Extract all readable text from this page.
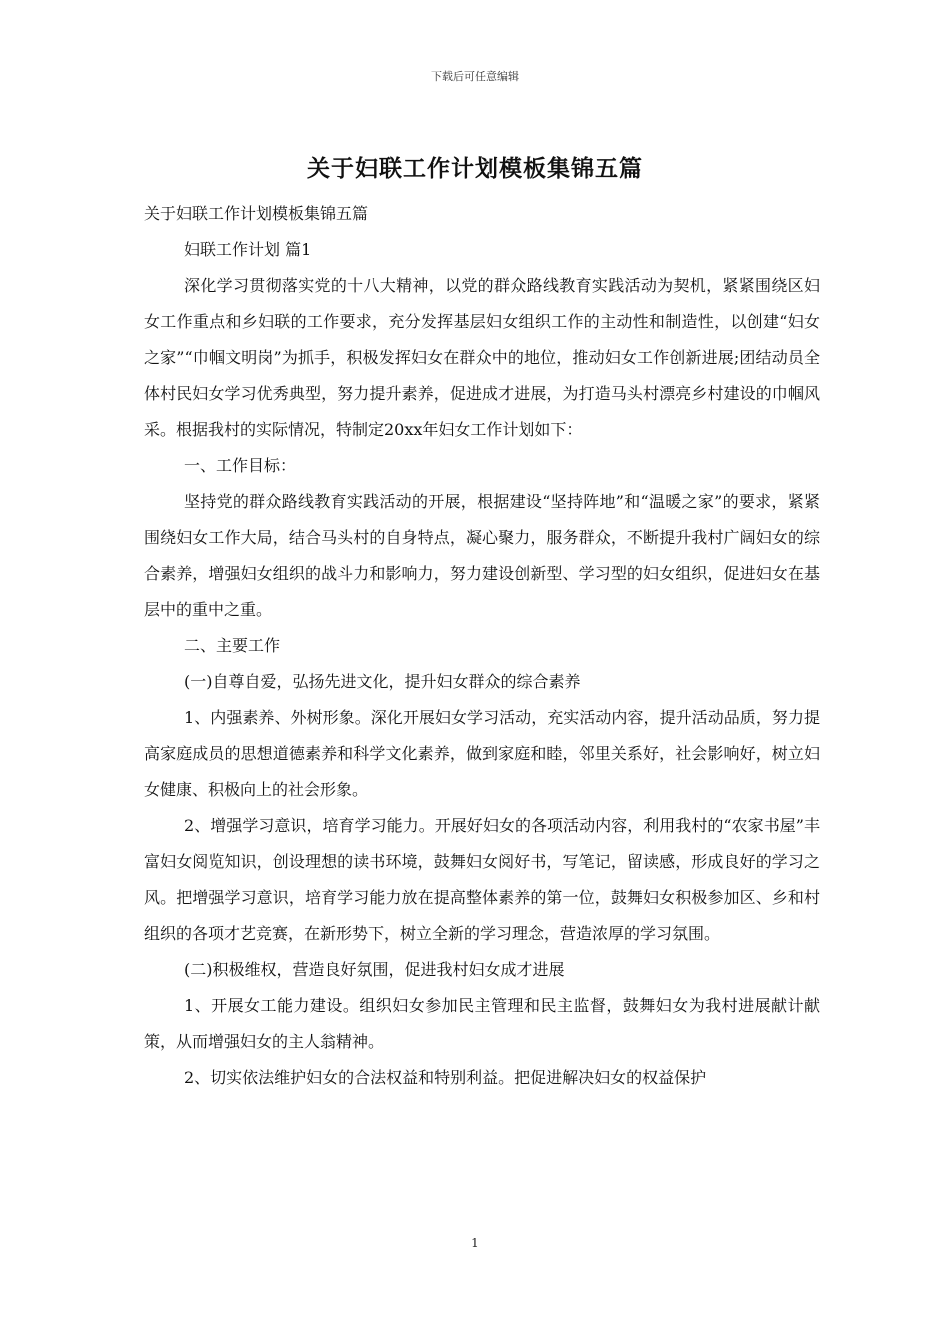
下载后可任意编辑
关于妇联工作计划模板集锦五篇

关于妇联工作计划模板集锦五篇

妇联工作计划 篇1

深化学习贯彻落实党的十八大精神，以党的群众路线教育实践活动为契机，紧紧围绕区妇女工作重点和乡妇联的工作要求，充分发挥基层妇女组织工作的主动性和制造性，以创建“妇女之家”“巾帼文明岗”为抓手，积极发挥妇女在群众中的地位，推动妇女工作创新进展;团结动员全体村民妇女学习优秀典型，努力提升素养，促进成才进展，为打造马头村漂亮乡村建设的巾帼风采。根据我村的实际情况，特制定20xx年妇女工作计划如下：

一、工作目标：

坚持党的群众路线教育实践活动的开展，根据建设“坚持阵地”和“温暖之家”的要求，紧紧围绕妇女工作大局，结合马头村的自身特点，凝心聚力，服务群众，不断提升我村广阔妇女的综合素养，增强妇女组织的战斗力和影响力，努力建设创新型、学习型的妇女组织，促进妇女在基层中的重中之重。

二、主要工作

(一)自尊自爱，弘扬先进文化，提升妇女群众的综合素养

1、内强素养、外树形象。深化开展妇女学习活动，充实活动内容，提升活动品质，努力提高家庭成员的思想道德素养和科学文化素养，做到家庭和睦，邻里关系好，社会影响好，树立妇女健康、积极向上的社会形象。

2、增强学习意识，培育学习能力。开展好妇女的各项活动内容，利用我村的“农家书屋”丰富妇女阅览知识，创设理想的读书环境，鼓舞妇女阅好书，写笔记，留读感，形成良好的学习之风。把增强学习意识，培育学习能力放在提高整体素养的第一位，鼓舞妇女积极参加区、乡和村组织的各项才艺竞赛，在新形势下，树立全新的学习理念，营造浓厚的学习氛围。

(二)积极维权，营造良好氛围，促进我村妇女成才进展

1、开展女工能力建设。组织妇女参加民主管理和民主监督，鼓舞妇女为我村进展献计献策，从而增强妇女的主人翁精神。

2、切实依法维护妇女的合法权益和特别利益。把促进解决妇女的权益保护

1
